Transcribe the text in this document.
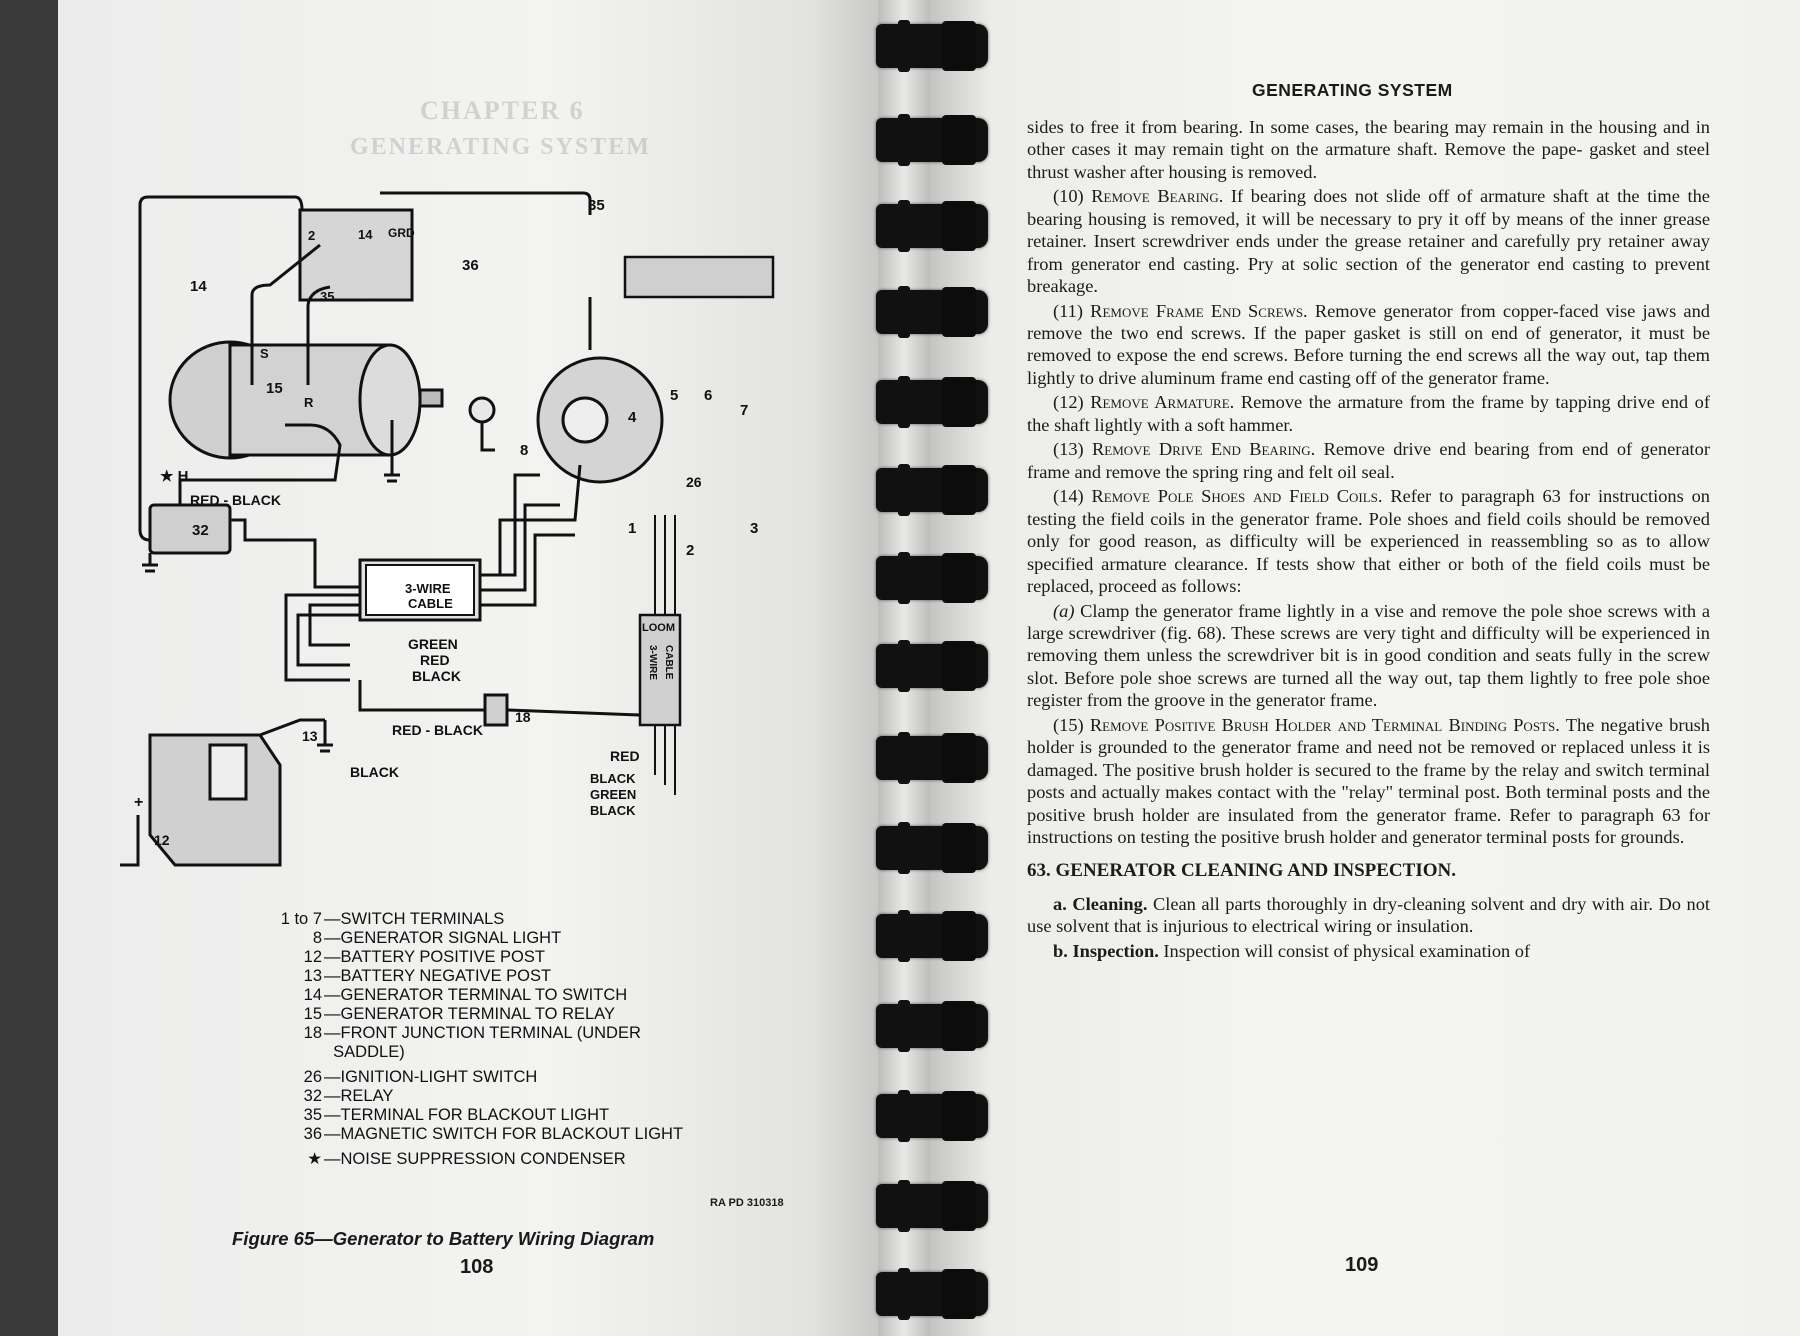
CHAPTER 6
GENERATING SYSTEM
35
2	14 GRD
36
14
35
S
15
R
8
4
5 6
7
26
★ H
RED - BLACK
32	1	3
2
3-WIRE
CABLE
GREEN
RED
BLACK
LOOM
3-WIRE CABLE
18
RED - BLACK
13
BLACK
RED
BLACK
GREEN
BLACK
+
12
1 to 7 — SWITCH TERMINALS
8 — GENERATOR SIGNAL LIGHT
12 — BATTERY POSITIVE POST
13 — BATTERY NEGATIVE POST
14 — GENERATOR TERMINAL TO SWITCH
15 — GENERATOR TERMINAL TO RELAY
18 — FRONT JUNCTION TERMINAL (UNDER

SADDLE)
26 — IGNITION-LIGHT SWITCH
32 — RELAY
35 — TERMINAL FOR BLACKOUT LIGHT
36 — MAGNETIC SWITCH FOR BLACKOUT LIGHT
★ — NOISE SUPPRESSION CONDENSER
RA PD 310318
Figure 65—Generator to Battery Wiring Diagram
108
GENERATING SYSTEM

sides to free it from bearing. In some cases, the bearing may remain in the housing and in other cases it may remain tight on the armature shaft. Remove the pape- gasket and steel thrust washer after housing is removed.

(10) Remove Bearing. If bearing does not slide off of armature shaft at the time the bearing housing is removed, it will be necessary to pry it off by means of the inner grease retainer. Insert screwdriver ends under the grease retainer and carefully pry retainer away from generator end casting. Pry at solic section of the generator end casting to prevent breakage.

(11) Remove Frame End Screws. Remove generator from copper-faced vise jaws and remove the two end screws. If the paper gasket is still on end of generator, it must be removed to expose the end screws. Before turning the end screws all the way out, tap them lightly to drive aluminum frame end casting off of the generator frame.

(12) Remove Armature. Remove the armature from the frame by tapping drive end of the shaft lightly with a soft hammer.

(13) Remove Drive End Bearing. Remove drive end bearing from end of generator frame and remove the spring ring and felt oil seal.

(14) Remove Pole Shoes and Field Coils. Refer to paragraph 63 for instructions on testing the field coils in the generator frame. Pole shoes and field coils should be removed only for good reason, as difficulty will be experienced in reassembling so as to allow specified armature clearance. If tests show that either or both of the field coils must be replaced, proceed as follows:

(a) Clamp the generator frame lightly in a vise and remove the pole shoe screws with a large screwdriver (fig. 68). These screws are very tight and difficulty will be experienced in removing them unless the screwdriver bit is in good condition and seats fully in the screw slot. Before pole shoe screws are turned all the way out, tap them lightly to free pole shoe register from the groove in the generator frame.

(15) Remove Positive Brush Holder and Terminal Binding Posts. The negative brush holder is grounded to the generator frame and need not be removed or replaced unless it is damaged. The positive brush holder is secured to the frame by the relay and switch terminal posts and actually makes contact with the "relay" terminal post. Both terminal posts and the positive brush holder are insulated from the generator frame. Refer to paragraph 63 for instructions on testing the positive brush holder and generator terminal posts for grounds.

63. GENERATOR CLEANING AND INSPECTION.

a. Cleaning. Clean all parts thoroughly in dry-cleaning solvent and dry with air. Do not use solvent that is injurious to electrical wiring or insulation.

b. Inspection. Inspection will consist of physical examination of

109
